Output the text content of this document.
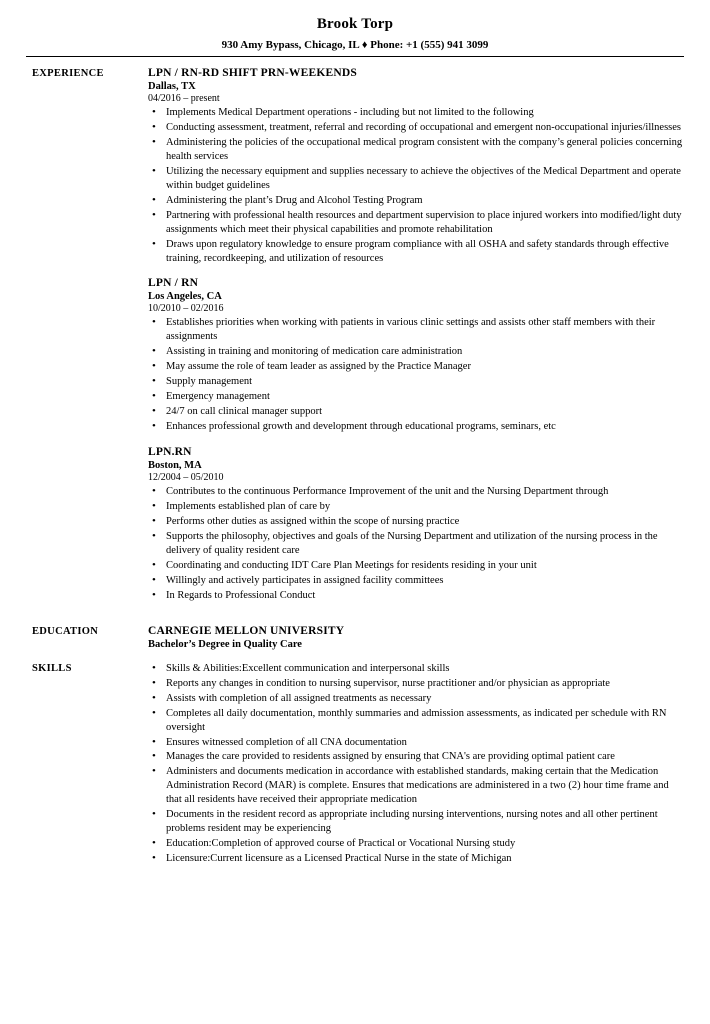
Brook Torp
930 Amy Bypass, Chicago, IL ♦ Phone: +1 (555) 941 3099
EXPERIENCE	LPN / RN-RD SHIFT PRN-WEEKENDS
Dallas, TX
04/2016 – present
• Implements Medical Department operations - including but not limited to the following
• Conducting assessment, treatment, referral and recording of occupational and emergent non-occupational injuries/illnesses
• Administering the policies of the occupational medical program consistent with the company’s general policies concerning health services
• Utilizing the necessary equipment and supplies necessary to achieve the objectives of the Medical Department and operate within budget guidelines
• Administering the plant’s Drug and Alcohol Testing Program
• Partnering with professional health resources and department supervision to place injured workers into modified/light duty assignments which meet their physical capabilities and promote rehabilitation
• Draws upon regulatory knowledge to ensure program compliance with all OSHA and safety standards through effective training, recordkeeping, and utilization of resources
LPN / RN
Los Angeles, CA
10/2010 – 02/2016
• Establishes priorities when working with patients in various clinic settings and assists other staff members with their assignments
• Assisting in training and monitoring of medication care administration
• May assume the role of team leader as assigned by the Practice Manager
• Supply management
• Emergency management
• 24/7 on call clinical manager support
• Enhances professional growth and development through educational programs, seminars, etc
LPN.RN
Boston, MA
12/2004 – 05/2010
• Contributes to the continuous Performance Improvement of the unit and the Nursing Department through
• Implements established plan of care by
• Performs other duties as assigned within the scope of nursing practice
• Supports the philosophy, objectives and goals of the Nursing Department and utilization of the nursing process in the delivery of quality resident care
• Coordinating and conducting IDT Care Plan Meetings for residents residing in your unit
• Willingly and actively participates in assigned facility committees
• In Regards to Professional Conduct
EDUCATION	CARNEGIE MELLON UNIVERSITY
Bachelor’s Degree in Quality Care
SKILLS	• Skills & Abilities:Excellent communication and interpersonal skills
• Reports any changes in condition to nursing supervisor, nurse practitioner and/or physician as appropriate
• Assists with completion of all assigned treatments as necessary
• Completes all daily documentation, monthly summaries and admission assessments, as indicated per schedule with RN oversight
• Ensures witnessed completion of all CNA documentation
• Manages the care provided to residents assigned by ensuring that CNA's are providing optimal patient care
• Administers and documents medication in accordance with established standards, making certain that the Medication Administration Record (MAR) is complete. Ensures that medications are administered in a two (2) hour time frame and that all residents have received their appropriate medication
• Documents in the resident record as appropriate including nursing interventions, nursing notes and all other pertinent problems resident may be experiencing
• Education:Completion of approved course of Practical or Vocational Nursing study
• Licensure:Current licensure as a Licensed Practical Nurse in the state of Michigan
